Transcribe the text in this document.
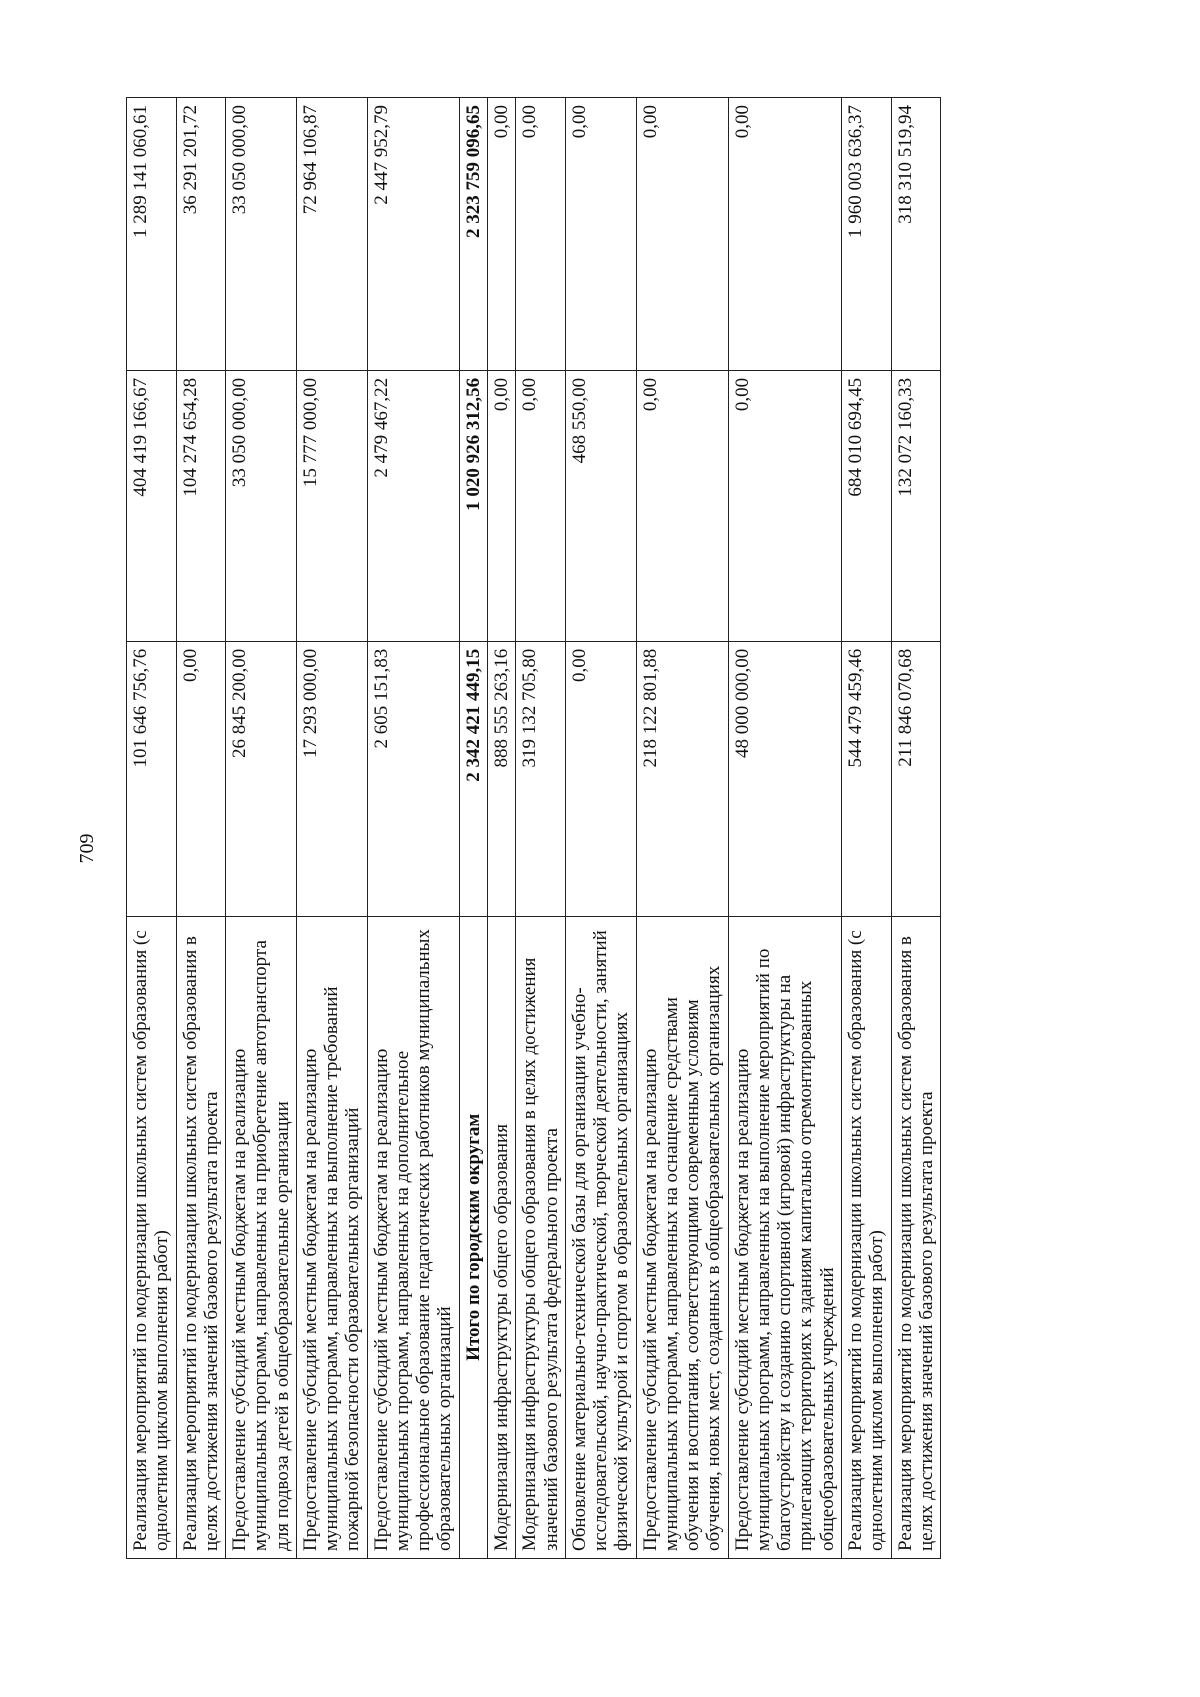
709
Реализация мероприятий по модернизации школьных систем образования (с однолетним циклом выполнения работ)	101 646 756,76	404 419 166,67	1 289 141 060,61
Реализация мероприятий по модернизации школьных систем образования в целях достижения значений базового результата проекта	0,00	104 274 654,28	36 291 201,72
Предоставление субсидий местным бюджетам на реализацию муниципальных программ, направленных на приобретение автотранспорта для подвоза детей в общеобразовательные организации	26 845 200,00	33 050 000,00	33 050 000,00
Предоставление субсидий местным бюджетам на реализацию муниципальных программ, направленных на выполнение требований пожарной безопасности образовательных организаций	17 293 000,00	15 777 000,00	72 964 106,87
Предоставление субсидий местным бюджетам на реализацию муниципальных программ, направленных на дополнительное профессиональное образование педагогических работников муниципальных образовательных организаций	2 605 151,83	2 479 467,22	2 447 952,79
Итого по городским округам	2 342 421 449,15	1 020 926 312,56	2 323 759 096,65
Модернизация инфраструктуры общего образования	888 555 263,16	0,00	0,00
Модернизация инфраструктуры общего образования в целях достижения значений базового результата федерального проекта	319 132 705,80	0,00	0,00
Обновление материально-технической базы для организации учебно-исследовательской, научно-практической, творческой деятельности, занятий физической культурой и спортом в образовательных организациях	0,00	468 550,00	0,00
Предоставление субсидий местным бюджетам на реализацию муниципальных программ, направленных на оснащение средствами обучения и воспитания, соответствующими современным условиям обучения, новых мест, созданных в общеобразовательных организациях	218 122 801,88	0,00	0,00
Предоставление субсидий местным бюджетам на реализацию муниципальных программ, направленных на выполнение мероприятий по благоустройству и созданию спортивной (игровой) инфраструктуры на прилегающих территориях к зданиям капитально отремонтированных общеобразовательных учреждений	48 000 000,00	0,00	0,00
Реализация мероприятий по модернизации школьных систем образования (с однолетним циклом выполнения работ)	544 479 459,46	684 010 694,45	1 960 003 636,37
Реализация мероприятий по модернизации школьных систем образования в целях достижения значений базового результата проекта	211 846 070,68	132 072 160,33	318 310 519,94
